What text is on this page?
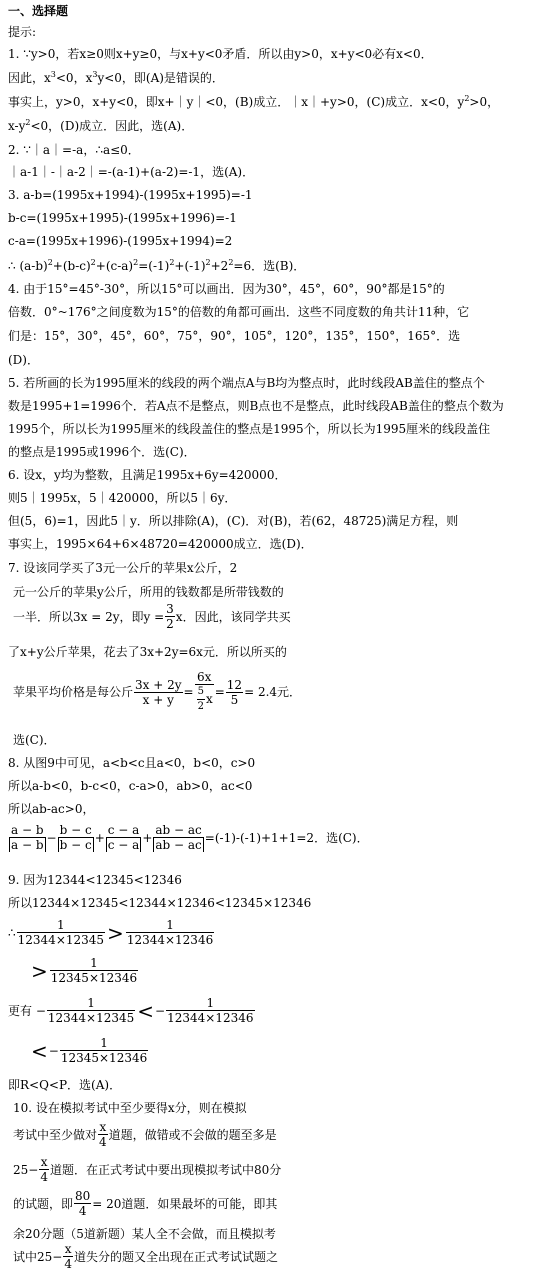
一、选择题
提示:
1. ∵y>0，若x≥0则x+y≥0，与x+y<0矛盾．所以由y>0，x+y<0必有x<0．
因此，$x^3<0$，$x^3y<0$，即(A)是错误的．
事实上，y>0，x+y<0，即x+｜y｜<0，(B)成立．｜x｜+y>0，(C)成立．x<0，$y^2>0$，
$x-y^2<0$，(D)成立．因此，选(A)．
2. ∵｜a｜=-a，∴a≤0．
｜a-1｜-｜a-2｜=-(a-1)+(a-2)=-1，选(A)．
3. a-b=(1995x+1994)-(1995x+1995)=-1
b-c=(1995x+1995)-(1995x+1996)=-1
c-a=(1995x+1996)-(1995x+1994)=2
∴ $(a-b)^2+(b-c)^2+(c-a)^2=(-1)^2+(-1)^2+2^2=6$．选(B)．
4. 由于15°=45°-30°，所以15°可以画出．因为30°，45°，60°，90°都是15°的
倍数．0°~176°之间度数为15°的倍数的角都可画出．这些不同度数的角共计11种，它
们是：15°，30°，45°，60°，75°，90°，105°，120°，135°，150°，165°．选
(D)．
5. 若所画的长为1995厘米的线段的两个端点A与B均为整点时，此时线段AB盖住的整点个
数是1995+1=1996个．若A点不是整点，则B点也不是整点，此时线段AB盖住的整点个数为
1995个，所以长为1995厘米的线段盖住的整点是1995个，所以长为1995厘米的线段盖住
的整点是1995或1996个．选(C)．
6. 设x，y均为整数，且满足1995x+6y=420000．
则5｜1995x，5｜420000，所以5｜6y．
但(5，6)=1，因此5｜y．所以排除(A)，(C)．对(B)，若(62，48725)满足方程，则
事实上，1995×64+6×48720=420000成立．选(D)．
7. 设该同学买了3元一公斤的苹果x公斤，2
元一公斤的苹果y公斤，所用的钱数都是所带钱数的
一半．所以3x = 2y，即$y = \frac{3}{2}$ x．因此，该同学共买
了x+y公斤苹果，花去了3x+2y=6x元．所以所买的
苹果平均价格是每公斤 $\frac{3x + 2y}{x + y} = \frac{6x}{\frac{5}{2} x} = \frac{12}{5} = 2.4$元．
选(C)．
8. 从图9中可见，a<b<c且a<0，b<0，c>0
所以a-b<0，b-c<0，c-a>0，ab>0，ac<0
所以ab-ac>0，
a − b
a − b
− $\frac{b - c}{b - c} + \frac{c - a}{c - a} + \frac{ab - ac}{ab - ac} =(-1)-(-1)+1+1=2$．选(C)．
9. 因为12344<12345<12346
所以12344×12345<12344×12346<12345×12346
∴
1
12344×12345 >	1
12344×12346
>	1
12345×12346
更有 − $\frac{1}{12344\times 12345}$ < − $\frac{1}{12344\times 12346}$
< − $\frac{1}{12345\times 12346}$
即R<Q<P．选(A)．
10. 设在模拟考试中至少要得x分，则在模拟
考试中至少做对
x
4
道题，做错或不会做的题至多是
$25- \frac{x}{4}$ 道题．在正式考试中要出现模拟考试中80分
的试题，即 $\frac{80}{4} = 20$道题．如果最坏的可能，即其
余20分题（5道新题）某人全不会做，而且模拟考
试中$25- \frac{x}{4}$ 道失分的题又全出现在正式考试试题之
